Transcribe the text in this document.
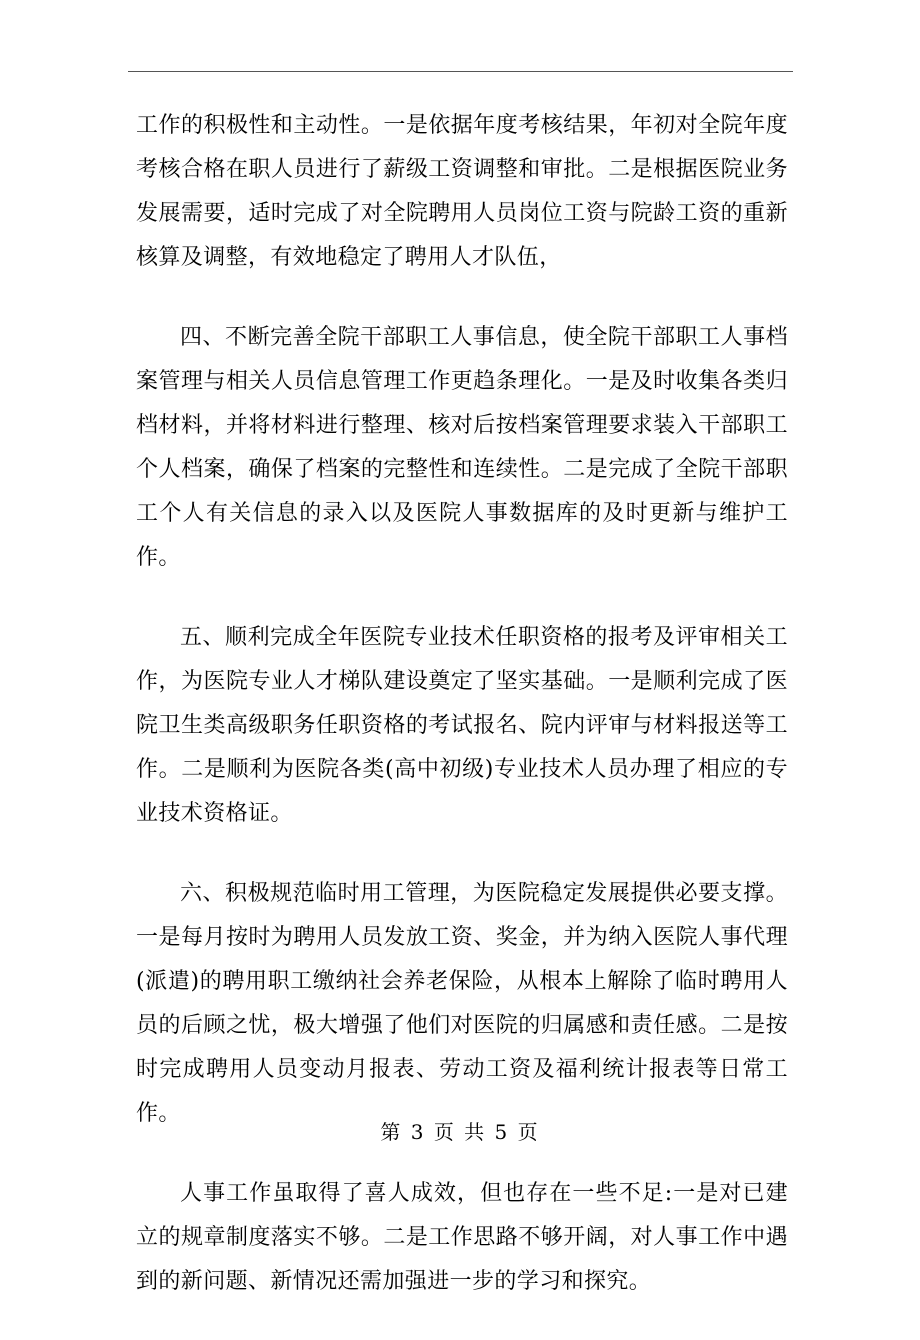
工作的积极性和主动性。一是依据年度考核结果，年初对全院年度考核合格在职人员进行了薪级工资调整和审批。二是根据医院业务发展需要，适时完成了对全院聘用人员岗位工资与院龄工资的重新核算及调整，有效地稳定了聘用人才队伍，

四、不断完善全院干部职工人事信息，使全院干部职工人事档案管理与相关人员信息管理工作更趋条理化。一是及时收集各类归档材料，并将材料进行整理、核对后按档案管理要求装入干部职工个人档案，确保了档案的完整性和连续性。二是完成了全院干部职工个人有关信息的录入以及医院人事数据库的及时更新与维护工作。

五、顺利完成全年医院专业技术任职资格的报考及评审相关工作，为医院专业人才梯队建设奠定了坚实基础。一是顺利完成了医院卫生类高级职务任职资格的考试报名、院内评审与材料报送等工作。二是顺利为医院各类(高中初级)专业技术人员办理了相应的专业技术资格证。

六、积极规范临时用工管理，为医院稳定发展提供必要支撑。一是每月按时为聘用人员发放工资、奖金，并为纳入医院人事代理(派遣)的聘用职工缴纳社会养老保险，从根本上解除了临时聘用人员的后顾之忧，极大增强了他们对医院的归属感和责任感。二是按时完成聘用人员变动月报表、劳动工资及福利统计报表等日常工作。

人事工作虽取得了喜人成效，但也存在一些不足:一是对已建立的规章制度落实不够。二是工作思路不够开阔，对人事工作中遇到的新问题、新情况还需加强进一步的学习和探究。

第 3 页 共 5 页
